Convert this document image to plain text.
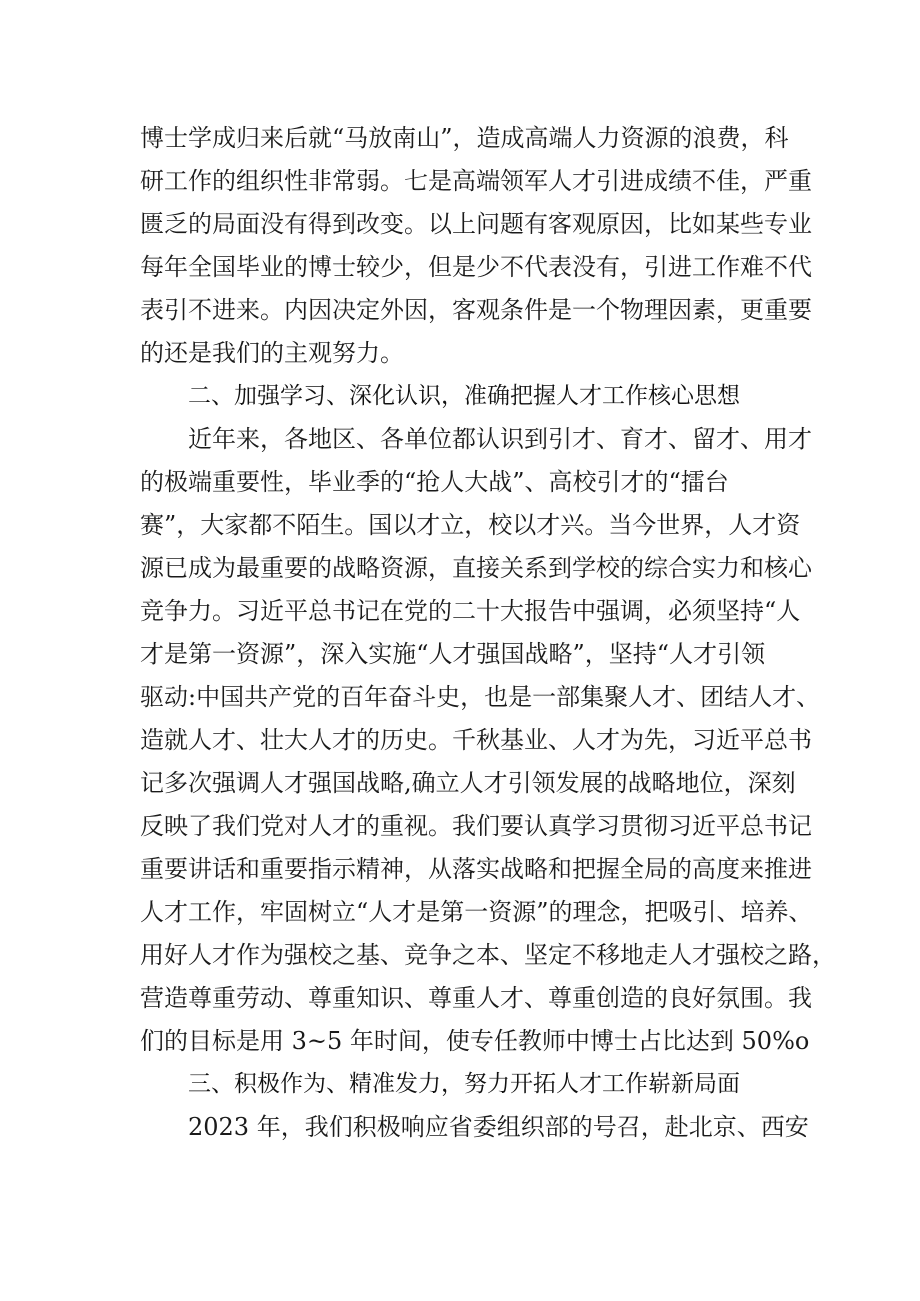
博士学成归来后就“马放南山”，造成高端人力资源的浪费，科
研工作的组织性非常弱。七是高端领军人才引进成绩不佳，严重
匮乏的局面没有得到改变。以上问题有客观原因，比如某些专业
每年全国毕业的博士较少，但是少不代表没有，引进工作难不代
表引不进来。内因决定外因，客观条件是一个物理因素，更重要
的还是我们的主观努力。
二、加强学习、深化认识，准确把握人才工作核心思想
近年来，各地区、各单位都认识到引才、育才、留才、用才
的极端重要性，毕业季的“抢人大战”、高校引才的“擂台
赛”，大家都不陌生。国以才立，校以才兴。当今世界，人才资
源已成为最重要的战略资源，直接关系到学校的综合实力和核心
竞争力。习近平总书记在党的二十大报告中强调，必须坚持“人
才是第一资源”，深入实施“人才强国战略”，坚持“人才引领
驱动:中国共产党的百年奋斗史，也是一部集聚人才、团结人才、
造就人才、壮大人才的历史。千秋基业、人才为先，习近平总书
记多次强调人才强国战略,确立人才引领发展的战略地位，深刻
反映了我们党对人才的重视。我们要认真学习贯彻习近平总书记
重要讲话和重要指示精神，从落实战略和把握全局的高度来推进
人才工作，牢固树立“人才是第一资源”的理念，把吸引、培养、
用好人才作为强校之基、竞争之本、坚定不移地走人才强校之路，
营造尊重劳动、尊重知识、尊重人才、尊重创造的良好氛围。我
们的目标是用 3~5 年时间，使专任教师中博士占比达到 50%o
三、积极作为、精准发力，努力开拓人才工作崭新局面
2023 年，我们积极响应省委组织部的号召，赴北京、西安
